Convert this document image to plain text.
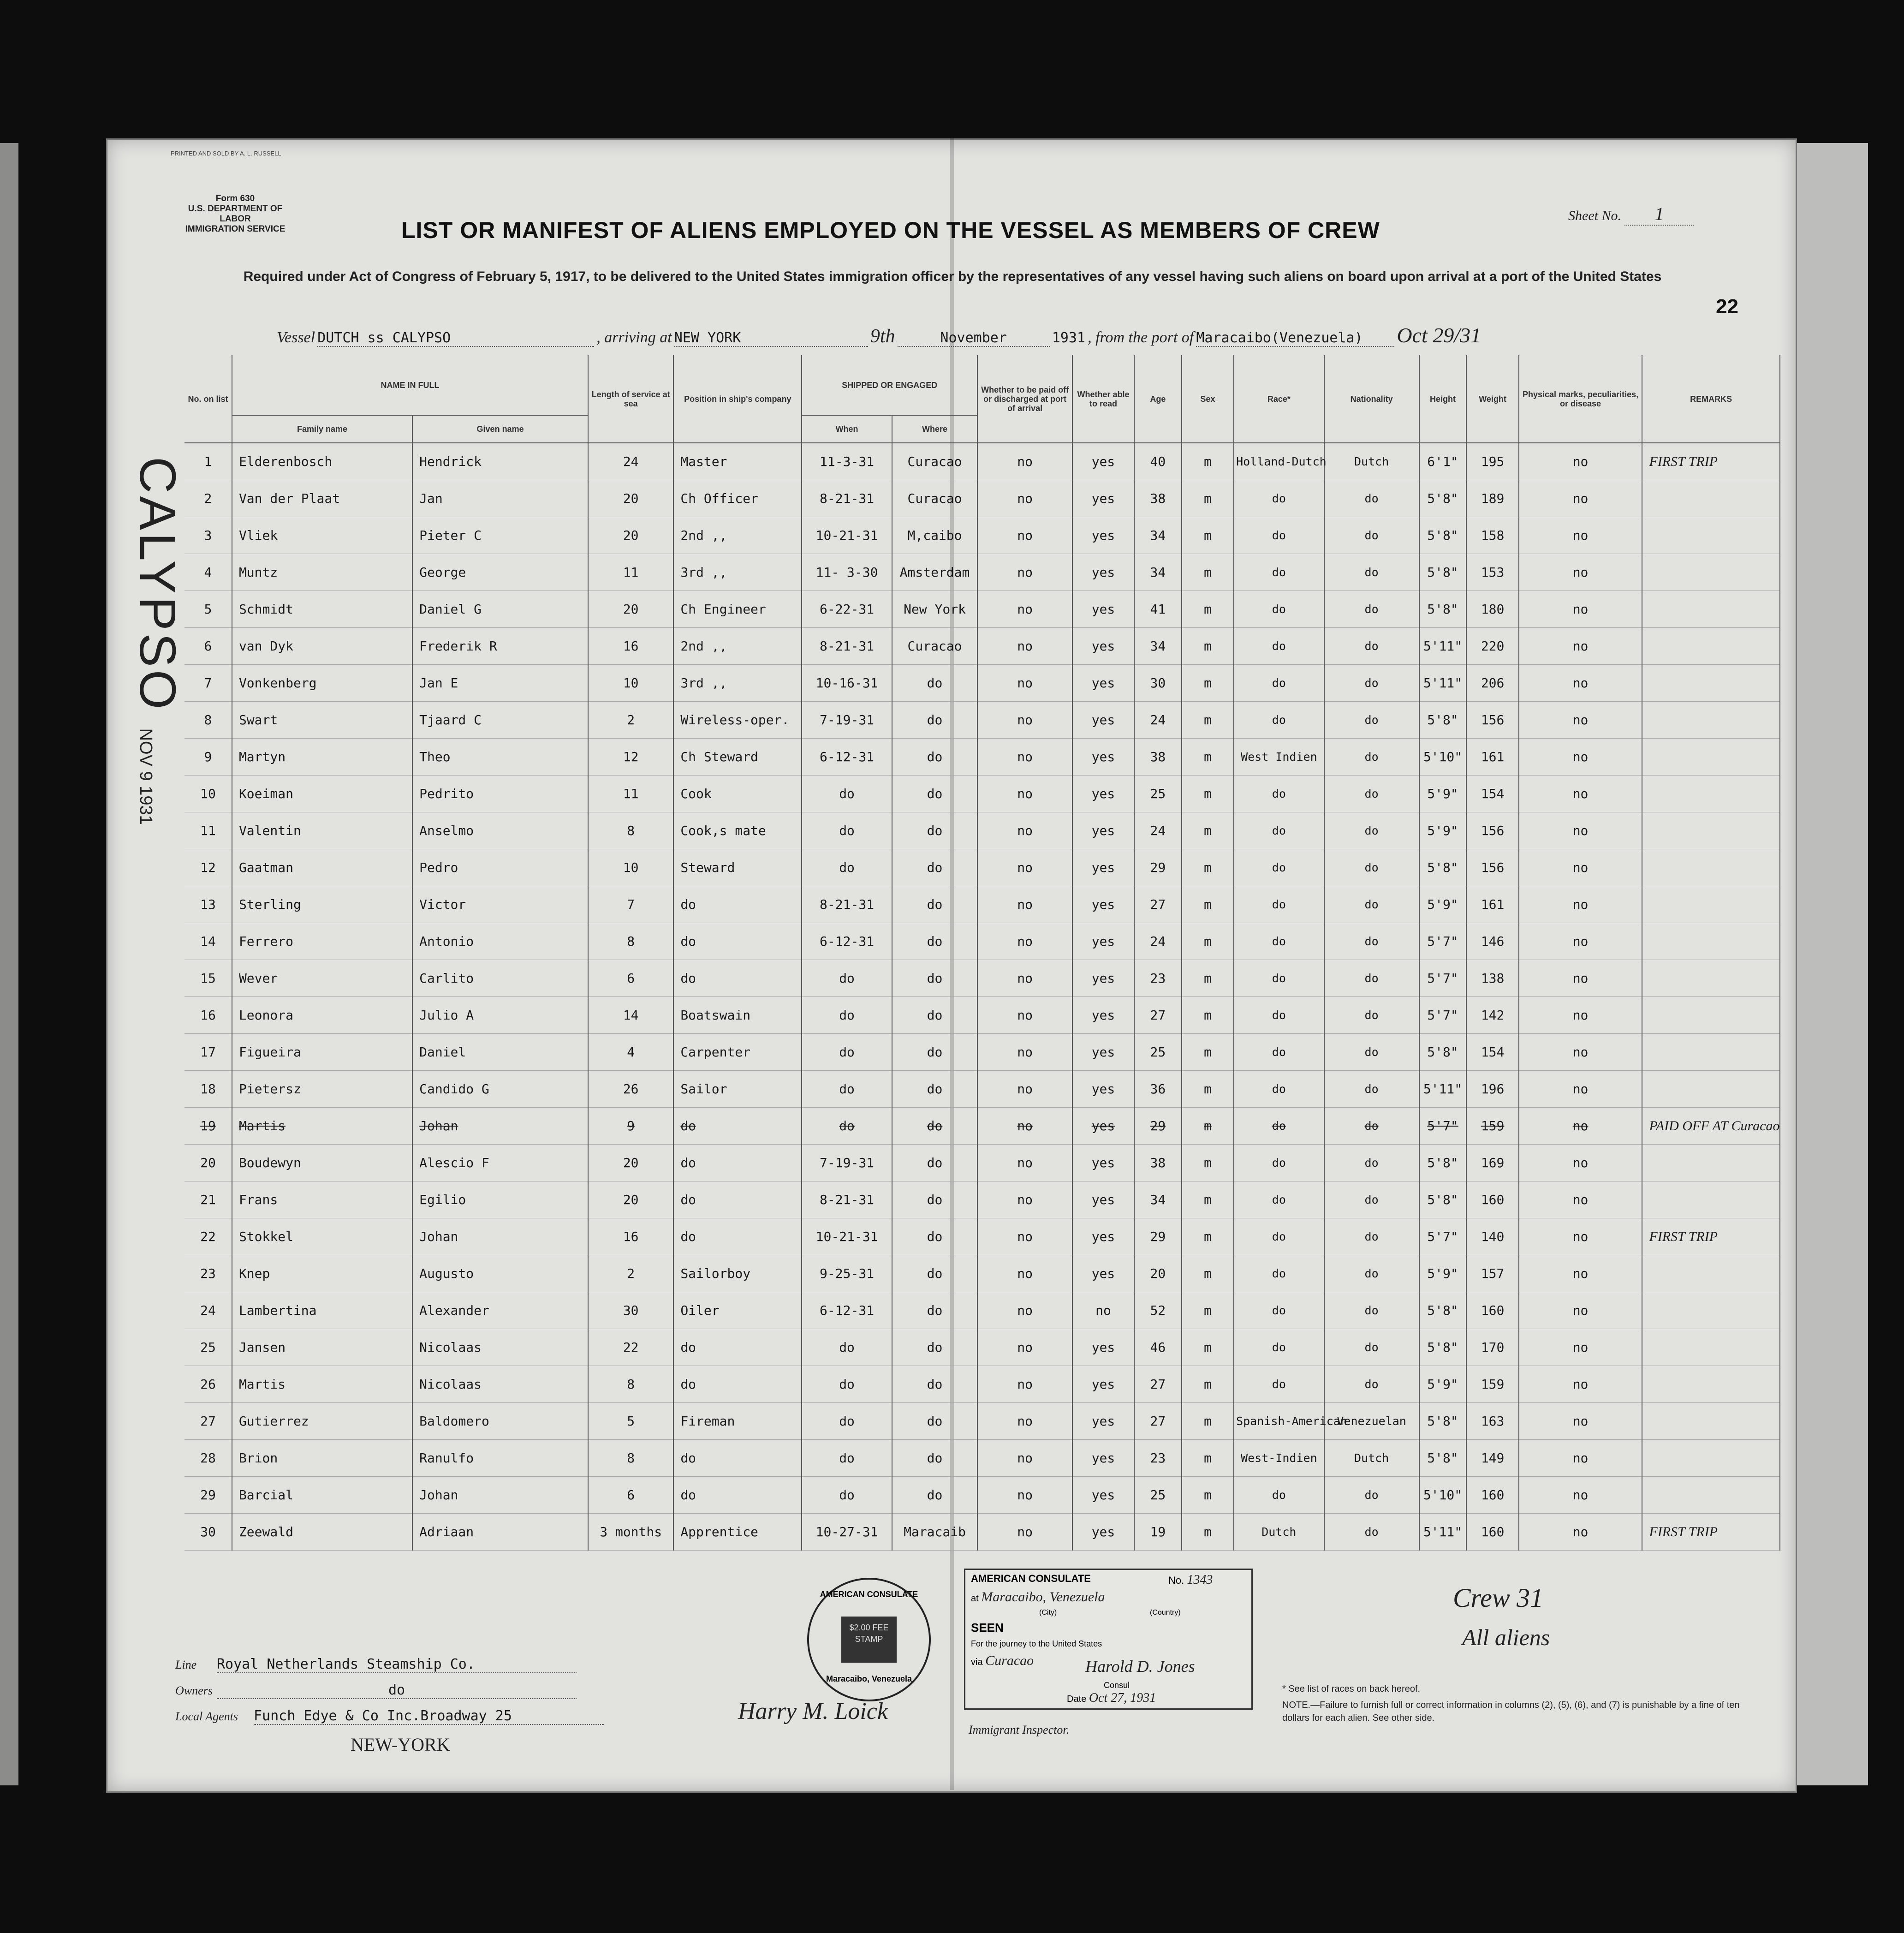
PRINTED AND SOLD BY A. L. RUSSELL
Form 630
U.S. DEPARTMENT OF LABOR
IMMIGRATION SERVICE
Sheet No. 1
LIST OR MANIFEST OF ALIENS EMPLOYED ON THE VESSEL AS MEMBERS OF CREW
Required under Act of Congress of February 5, 1917, to be delivered to the United States immigration officer by the representatives of any vessel having such aliens on board upon arrival at a port of the United States
22
Vessel DUTCH ss CALYPSO	, arriving at NEW YORK	9th	November	1931 , from the port of Maracaibo(Venezuela) Oct 29/31
CALYPSO NOV 9 1931
No. on list	NAME IN FULL		Length of service at sea	Position in ship's company	SHIPPED OR ENGAGED		Whether to be paid off or discharged at port of arrival	Whether able to read	Age	Sex	Race*	Nationality	Height	Weight	Physical marks, peculiarities, or disease	REMARKS
	Family name	Given name			When	Where										
1	Elderenbosch	Hendrick	24	Master	11-3-31	Curacao	no	yes	40	m	Holland-Dutch	Dutch	6'1"	195	no	FIRST TRIP
2	Van der Plaat	Jan	20	Ch Officer	8-21-31	Curacao	no	yes	38	m	do	do	5'8"	189	no	
3	Vliek	Pieter C	20	2nd ,,	10-21-31	M,caibo	no	yes	34	m	do	do	5'8"	158	no	
4	Muntz	George	11	3rd ,,	11- 3-30	Amsterdam	no	yes	34	m	do	do	5'8"	153	no	
5	Schmidt	Daniel G	20	Ch Engineer	6-22-31	New York	no	yes	41	m	do	do	5'8"	180	no	
6	van Dyk	Frederik R	16	2nd ,,	8-21-31	Curacao	no	yes	34	m	do	do	5'11"	220	no	
7	Vonkenberg	Jan E	10	3rd ,,	10-16-31	do	no	yes	30	m	do	do	5'11"	206	no	
8	Swart	Tjaard C	2	Wireless-oper.	7-19-31	do	no	yes	24	m	do	do	5'8"	156	no	
9	Martyn	Theo	12	Ch Steward	6-12-31	do	no	yes	38	m	West Indien	do	5'10"	161	no	
10	Koeiman	Pedrito	11	Cook	do	do	no	yes	25	m	do	do	5'9"	154	no	
11	Valentin	Anselmo	8	Cook,s mate	do	do	no	yes	24	m	do	do	5'9"	156	no	
12	Gaatman	Pedro	10	Steward	do	do	no	yes	29	m	do	do	5'8"	156	no	
13	Sterling	Victor	7	do	8-21-31	do	no	yes	27	m	do	do	5'9"	161	no	
14	Ferrero	Antonio	8	do	6-12-31	do	no	yes	24	m	do	do	5'7"	146	no	
15	Wever	Carlito	6	do	do	do	no	yes	23	m	do	do	5'7"	138	no	
16	Leonora	Julio A	14	Boatswain	do	do	no	yes	27	m	do	do	5'7"	142	no	
17	Figueira	Daniel	4	Carpenter	do	do	no	yes	25	m	do	do	5'8"	154	no	
18	Pietersz	Candido G	26	Sailor	do	do	no	yes	36	m	do	do	5'11"	196	no	
19	Martis	Johan	9	do	do	do	no	yes	29	m	do	do	5'7"	159	no	PAID OFF AT Curacao
20	Boudewyn	Alescio F	20	do	7-19-31	do	no	yes	38	m	do	do	5'8"	169	no	
21	Frans	Egilio	20	do	8-21-31	do	no	yes	34	m	do	do	5'8"	160	no	
22	Stokkel	Johan	16	do	10-21-31	do	no	yes	29	m	do	do	5'7"	140	no	FIRST TRIP
23	Knep	Augusto	2	Sailorboy	9-25-31	do	no	yes	20	m	do	do	5'9"	157	no	
24	Lambertina	Alexander	30	Oiler	6-12-31	do	no	no	52	m	do	do	5'8"	160	no	
25	Jansen	Nicolaas	22	do	do	do	no	yes	46	m	do	do	5'8"	170	no	
26	Martis	Nicolaas	8	do	do	do	no	yes	27	m	do	do	5'9"	159	no	
27	Gutierrez	Baldomero	5	Fireman	do	do	no	yes	27	m	Spanish-American	Venezuelan	5'8"	163	no	
28	Brion	Ranulfo	8	do	do	do	no	yes	23	m	West-Indien	Dutch	5'8"	149	no	
29	Barcial	Johan	6	do	do	do	no	yes	25	m	do	do	5'10"	160	no	
30	Zeewald	Adriaan	3 months	Apprentice	10-27-31	Maracaib	no	yes	19	m	Dutch	do	5'11"	160	no	FIRST TRIP
Line Royal Netherlands Steamship Co.
Owners	do
Local Agents Funch Edye & Co Inc.Broadway 25
NEW-YORK
AMERICAN CONSULATE
$2.00 FEE STAMP
Maracaibo, Venezuela
Harry M. Loick
Immigrant Inspector.
AMERICAN CONSULATE	No. 1343
at Maracaibo, Venezuela
(City)	(Country)
SEEN
For the journey to the United States
via Curacao	Harold D. Jones
Consul
Date Oct 27, 1931
Crew 31
All aliens
* See list of races on back hereof.
NOTE.—Failure to furnish full or correct information in columns (2), (5), (6), and (7) is punishable by a fine of ten dollars for each alien. See other side.
